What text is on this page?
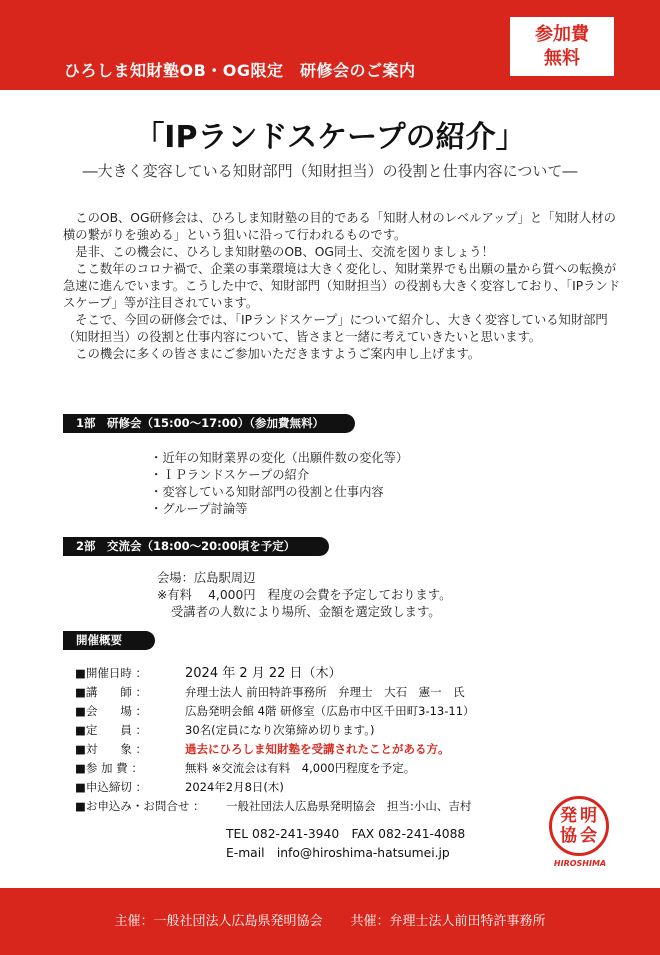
ひろしま知財塾OB・OG限定　研修会のご案内
参加費
無料
「IPランドスケープの紹介」
―大きく変容している知財部門（知財担当）の役割と仕事内容について―

　このOB、OG研修会は、ひろしま知財塾の目的である「知財人材のレベルアップ」と「知財人材の横の繋がりを強める」という狙いに沿って行われるものです。

　是非、この機会に、ひろしま知財塾のOB、OG同士、交流を図りましょう！

　ここ数年のコロナ禍で、企業の事業環境は大きく変化し、知財業界でも出願の量から質への転換が急速に進んでいます。こうした中で、知財部門（知財担当）の役割も大きく変容しており、「IPランドスケープ」等が注目されています。

　そこで、今回の研修会では、「IPランドスケープ」について紹介し、大きく変容している知財部門（知財担当）の役割と仕事内容について、皆さまと一緒に考えていきたいと思います。

　この機会に多くの皆さまにご参加いただきますようご案内申し上げます。

1部　研修会（15:00～17:00）（参加費無料）
・ 近年の知財業界の変化（出願件数の変化等）
・ ＩＰランドスケープの紹介
・ 変容している知財部門の役割と仕事内容
・ グループ討論等
2部　交流会（18:00～20:00頃を予定）
会場：広島駅周辺
※有料　 4,000円　程度の会費を予定しております。
受講者の人数により場所、金額を選定致します。
開催概要
■開催日時 ：	2024 年 2 月 22 日（木）
■講　　師 ：	弁理士法人 前田特許事務所　弁理士　大石　憲一　氏
■会　　場 ：	広島発明会館 4階 研修室（広島市中区千田町3-13-11）
■定　　員 ：	30名(定員になり次第締め切ります。)
■対　　象 ：	過去にひろしま知財塾を受講されたことがある方。
■参 加 費 ：	無料 ※交流会は有料　4,000円程度を予定。
■申込締切 ：	2024年2月8日(木)
■お申込み・お問合せ ：	一般社団法人広島県発明協会　担当:小山、吉村
TEL 082-241-3940　FAX 082-241-4088
E-mail　info@hiroshima-hatsumei.jp
発 明
協 会
HIROSHIMA
主催：一般社団法人広島県発明協会 共催：弁理士法人前田特許事務所
